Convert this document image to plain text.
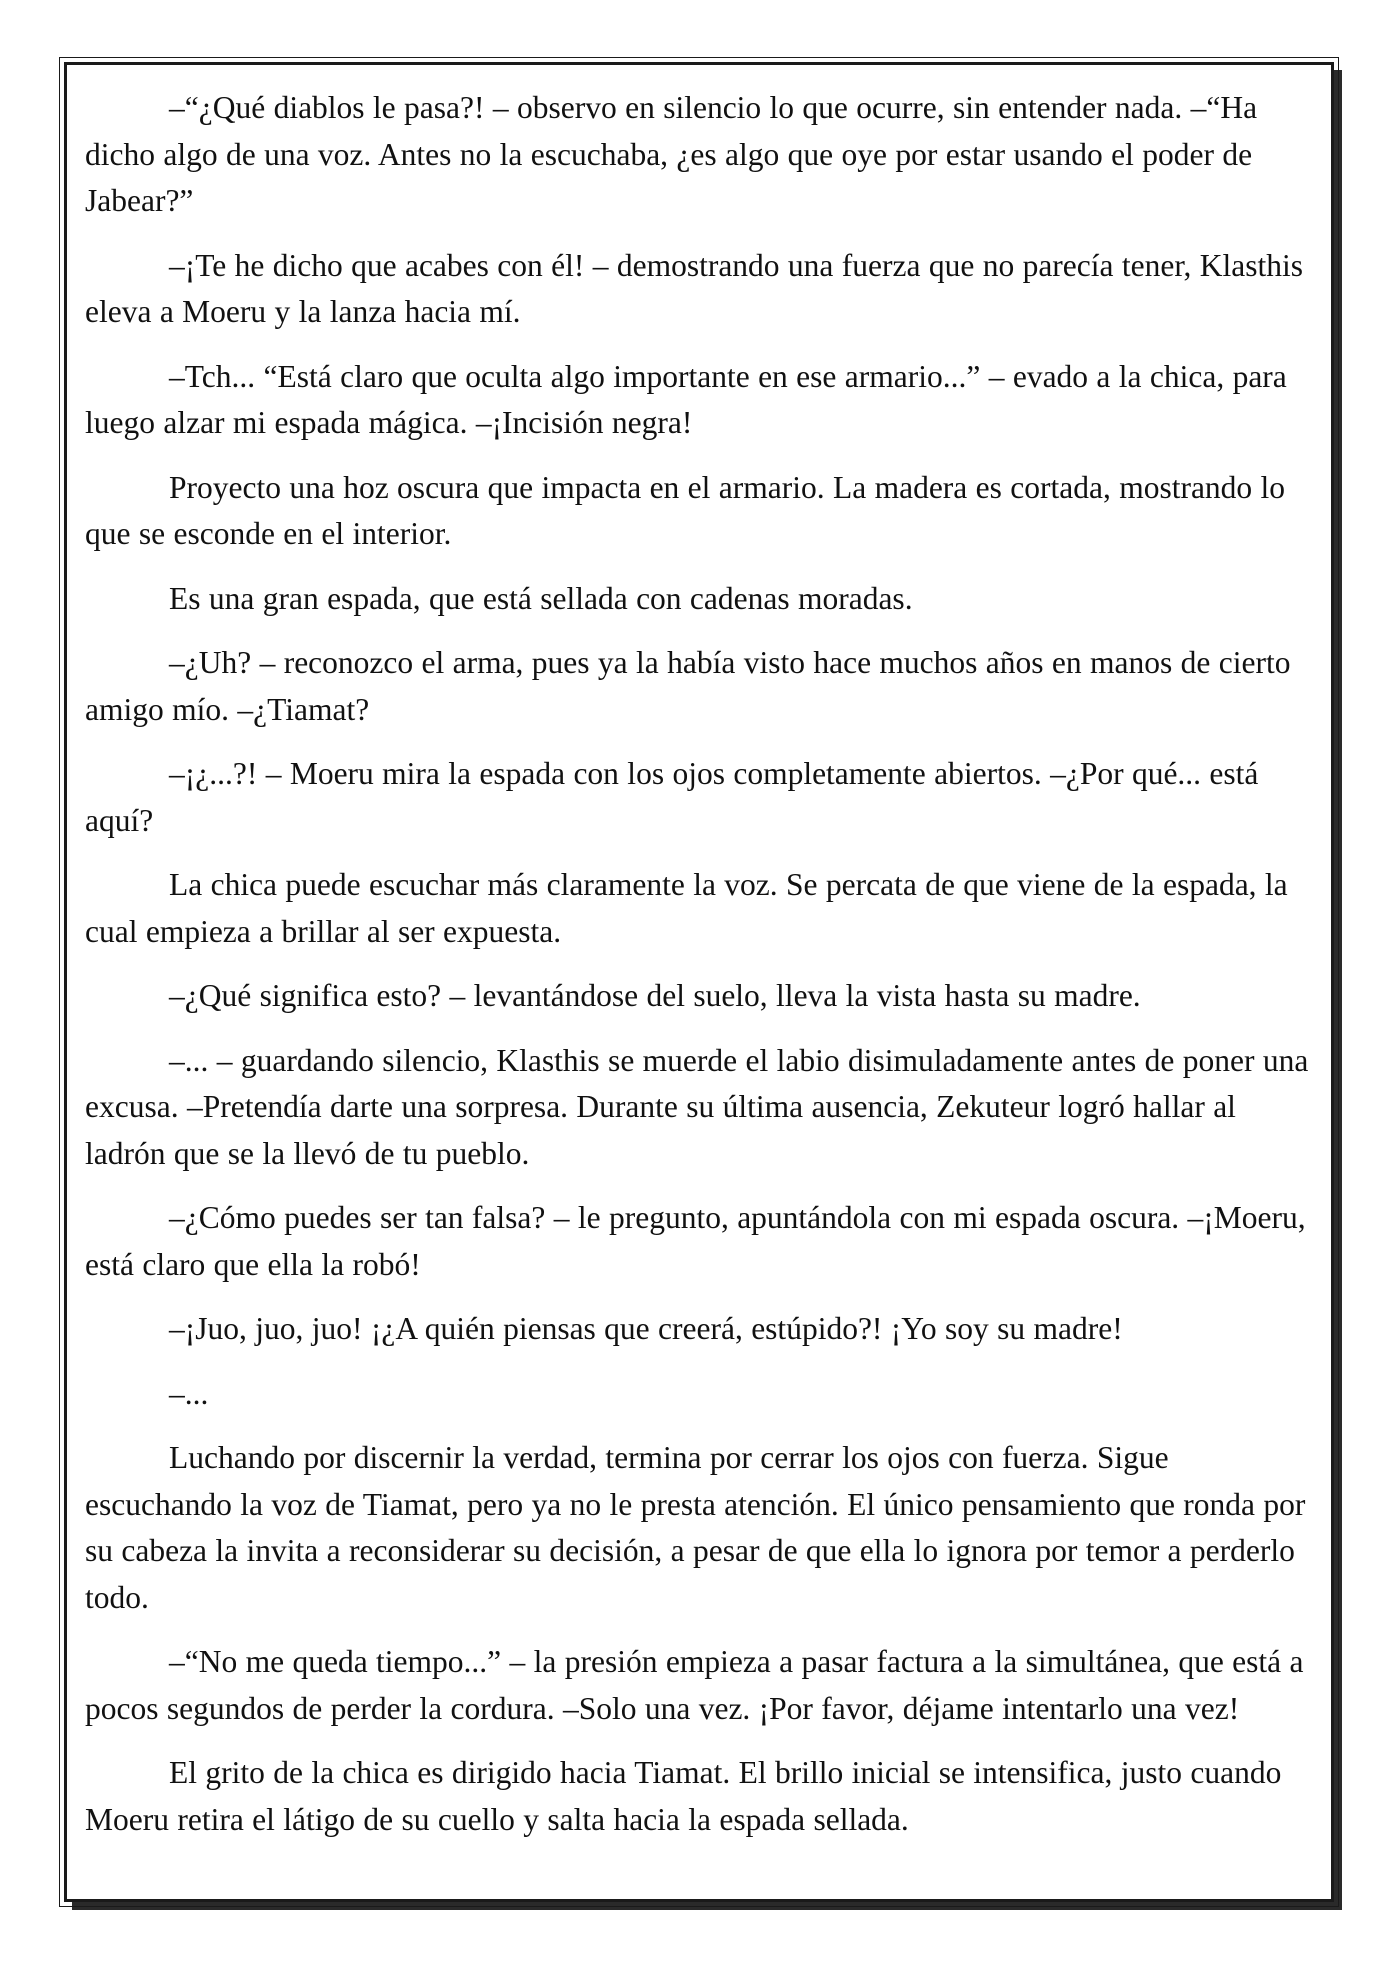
–“¿Qué diablos le pasa?! – observo en silencio lo que ocurre, sin entender nada. –“Ha dicho algo de una voz. Antes no la escuchaba, ¿es algo que oye por estar usando el poder de Jabear?”

–¡Te he dicho que acabes con él! – demostrando una fuerza que no parecía tener, Klasthis eleva a Moeru y la lanza hacia mí.

–Tch... “Está claro que oculta algo importante en ese armario...” – evado a la chica, para luego alzar mi espada mágica. –¡Incisión negra!

Proyecto una hoz oscura que impacta en el armario. La madera es cortada, mostrando lo que se esconde en el interior.

Es una gran espada, que está sellada con cadenas moradas.

–¿Uh? – reconozco el arma, pues ya la había visto hace muchos años en manos de cierto amigo mío. –¿Tiamat?

–¡¿...?! – Moeru mira la espada con los ojos completamente abiertos. –¿Por qué... está aquí?

La chica puede escuchar más claramente la voz. Se percata de que viene de la espada, la cual empieza a brillar al ser expuesta.

–¿Qué significa esto? – levantándose del suelo, lleva la vista hasta su madre.

–... – guardando silencio, Klasthis se muerde el labio disimuladamente antes de poner una excusa. –Pretendía darte una sorpresa. Durante su última ausencia, Zekuteur logró hallar al ladrón que se la llevó de tu pueblo.

–¿Cómo puedes ser tan falsa? – le pregunto, apuntándola con mi espada oscura. –¡Moeru, está claro que ella la robó!

–¡Juo, juo, juo! ¡¿A quién piensas que creerá, estúpido?! ¡Yo soy su madre!

–...

Luchando por discernir la verdad, termina por cerrar los ojos con fuerza. Sigue escuchando la voz de Tiamat, pero ya no le presta atención. El único pensamiento que ronda por su cabeza la invita a reconsiderar su decisión, a pesar de que ella lo ignora por temor a perderlo todo.

–“No me queda tiempo...” – la presión empieza a pasar factura a la simultánea, que está a pocos segundos de perder la cordura. –Solo una vez. ¡Por favor, déjame intentarlo una vez!

El grito de la chica es dirigido hacia Tiamat. El brillo inicial se intensifica, justo cuando Moeru retira el látigo de su cuello y salta hacia la espada sellada.
